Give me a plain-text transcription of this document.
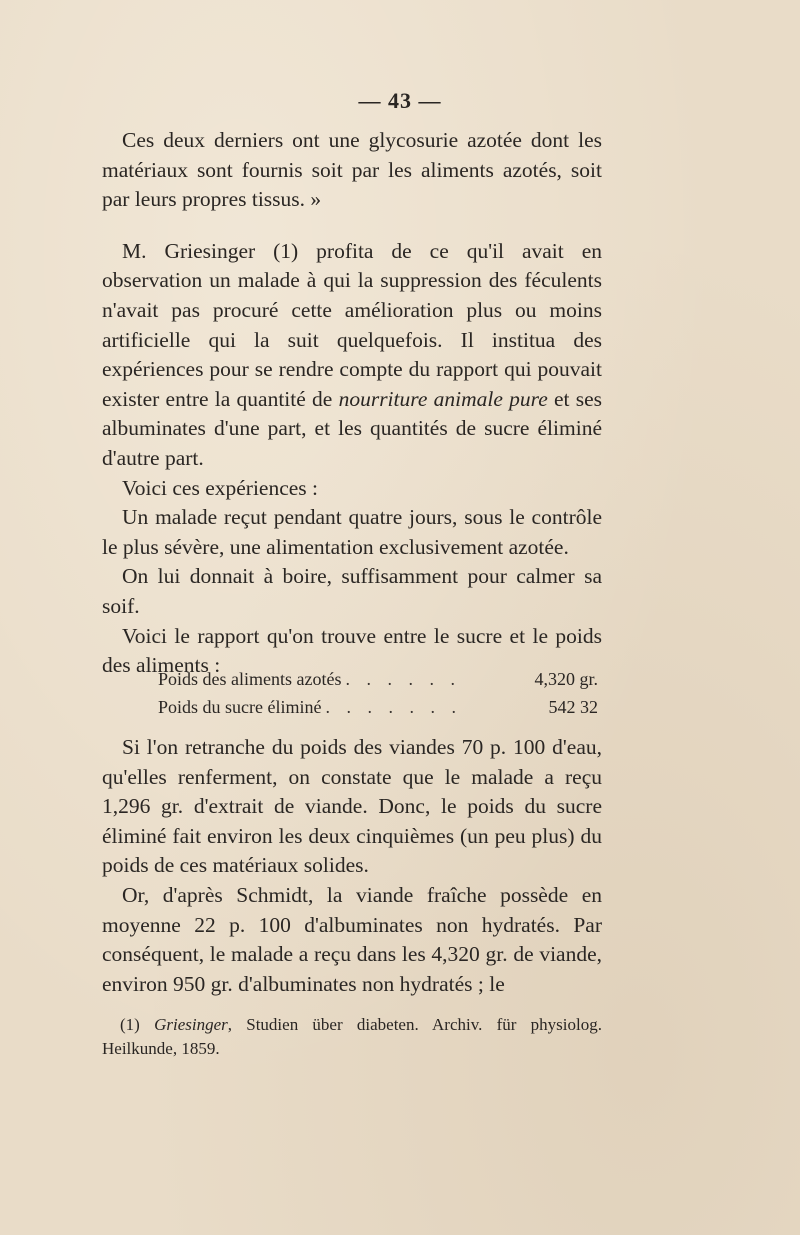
— 43 —

Ces deux derniers ont une glycosurie azotée dont les matériaux sont fournis soit par les aliments azotés, soit par leurs propres tissus. »

M. Griesinger (1) profita de ce qu'il avait en observation un malade à qui la suppression des féculents n'avait pas procuré cette amélioration plus ou moins artificielle qui la suit quelquefois. Il institua des expériences pour se rendre compte du rapport qui pouvait exister entre la quantité de nourriture animale pure et ses albuminates d'une part, et les quantités de sucre éliminé d'autre part.

Voici ces expériences :

Un malade reçut pendant quatre jours, sous le contrôle le plus sévère, une alimentation exclusivement azotée.

On lui donnait à boire, suffisamment pour calmer sa soif.

Voici le rapport qu'on trouve entre le sucre et le poids des aliments :

Poids des aliments azotés . . . . . .	4,320 gr.
Poids du sucre éliminé . . . . . . .	542 32

Si l'on retranche du poids des viandes 70 p. 100 d'eau, qu'elles renferment, on constate que le malade a reçu 1,296 gr. d'extrait de viande. Donc, le poids du sucre éliminé fait environ les deux cinquièmes (un peu plus) du poids de ces matériaux solides.

Or, d'après Schmidt, la viande fraîche possède en moyenne 22 p. 100 d'albuminates non hydratés. Par conséquent, le malade a reçu dans les 4,320 gr. de viande, environ 950 gr. d'albuminates non hydratés ; le

(1) Griesinger, Studien über diabeten. Archiv. für physiolog. Heilkunde, 1859.
